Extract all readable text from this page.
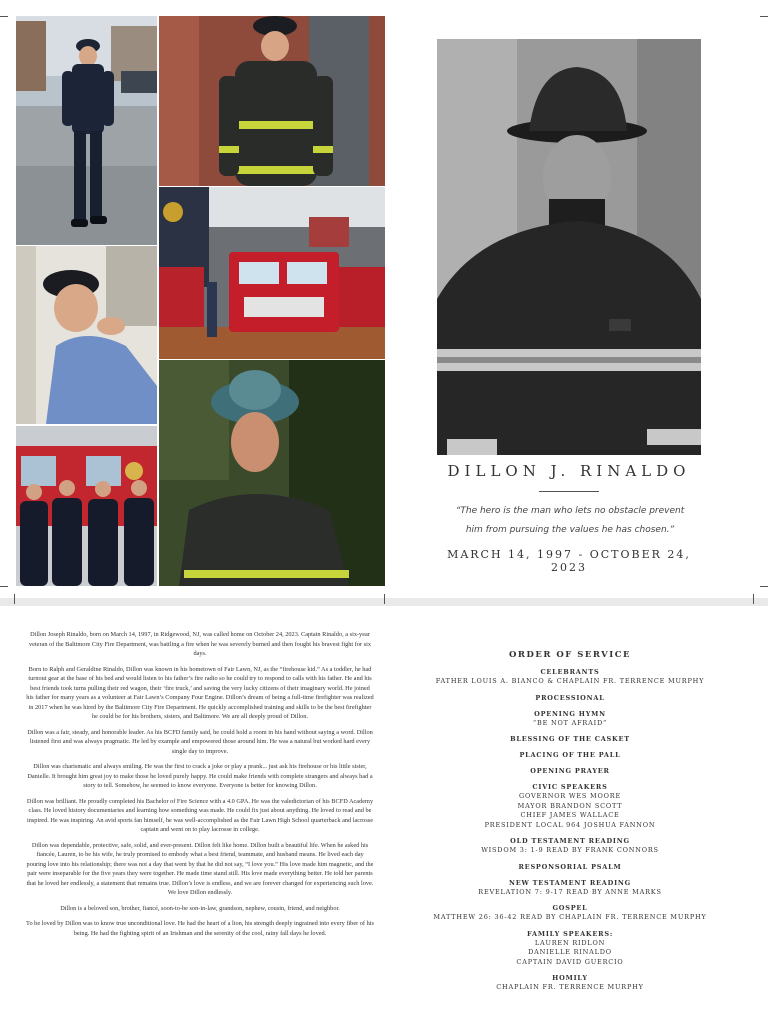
DILLON J. RINALDO
“The hero is the man who lets no obstacle prevent him from pursuing the values he has chosen.”
MARCH 14, 1997 - OCTOBER 24, 2023

Dillon Joseph Rinaldo, born on March 14, 1997, in Ridgewood, NJ, was called home on October 24, 2023. Captain Rinaldo, a six-year veteran of the Baltimore City Fire Department, was battling a fire when he was severely burned and then fought his bravest fight for six days.

Born to Ralph and Geraldine Rinaldo, Dillon was known in his hometown of Fair Lawn, NJ, as the “firehouse kid.” As a toddler, he had turnout gear at the base of his bed and would listen to his father’s fire radio so he could try to respond to calls with his father. He and his best friends took turns pulling their red wagon, their ‘fire truck,’ and saving the very lucky citizens of their imaginary world. He joined his father for many years as a volunteer at Fair Lawn’s Company Four Engine. Dillon’s dream of being a full-time firefighter was realized in 2017 when he was hired by the Baltimore City Fire Department. He quickly accomplished training and skills to be the best firefighter he could be for his brothers, sisters, and Baltimore. We are all deeply proud of Dillon.

Dillon was a fair, steady, and honorable leader. As his BCFD family said, he could hold a room in his hand without saying a word. Dillon listened first and was always pragmatic. He led by example and empowered those around him. He was a natural but worked hard every single day to improve.

Dillon was charismatic and always smiling. He was the first to crack a joke or play a prank... just ask his firehouse or his little sister, Danielle. It brought him great joy to make those he loved purely happy. He could make friends with complete strangers and always had a story to tell. Somehow, he seemed to know everyone. Everyone is better for knowing Dillon.

Dillon was brilliant. He proudly completed his Bachelor of Fire Science with a 4.0 GPA. He was the valedictorian of his BCFD Academy class. He loved history documentaries and learning how something was made. He could fix just about anything. He loved to read and be inspired. He was inspiring. An avid sports fan himself, he was well-accomplished as the Fair Lawn High School quarterback and lacrosse captain and went on to play lacrosse in college.

Dillon was dependable, protective, safe, solid, and ever-present. Dillon felt like home. Dillon built a beautiful life. When he asked his fiancée, Lauren, to be his wife, he truly promised to embody what a best friend, teammate, and husband means. He lived each day pouring love into his relationship; there was not a day that went by that he did not say, “I love you.” His love made him magnetic, and the pair were inseparable for the five years they were together. He made time stand still. His love made everything better. He told her parents that he loved her endlessly, a statement that remains true. Dillon’s love is endless, and we are forever changed for experiencing such love. We love Dillon endlessly.

Dillon is a beloved son, brother, fiancé, soon-to-be son-in-law, grandson, nephew, cousin, friend, and neighbor.

To be loved by Dillon was to know true unconditional love. He had the heart of a lion, his strength deeply ingrained into every fiber of his being. He had the fighting spirit of an Irishman and the serenity of the cool, rainy fall days he loved.

ORDER OF SERVICE
CELEBRANTS
FATHER LOUIS A. BIANCO & CHAPLAIN FR. TERRENCE MURPHY
PROCESSIONAL
OPENING HYMN
“BE NOT AFRAID”
BLESSING OF THE CASKET
PLACING OF THE PALL
OPENING PRAYER
CIVIC SPEAKERS
GOVERNOR WES MOORE
MAYOR BRANDON SCOTT
CHIEF JAMES WALLACE
PRESIDENT LOCAL 964 JOSHUA FANNON
OLD TESTAMENT READING
WISDOM 3: 1-9 READ BY FRANK CONNORS
RESPONSORIAL PSALM
NEW TESTAMENT READING
REVELATION 7: 9-17 READ BY ANNE MARKS
GOSPEL
MATTHEW 26: 36-42 READ BY CHAPLAIN FR. TERRENCE MURPHY
FAMILY SPEAKERS:
LAUREN RIDLON
DANIELLE RINALDO
CAPTAIN DAVID GUERCIO
HOMILY
CHAPLAIN FR. TERRENCE MURPHY
